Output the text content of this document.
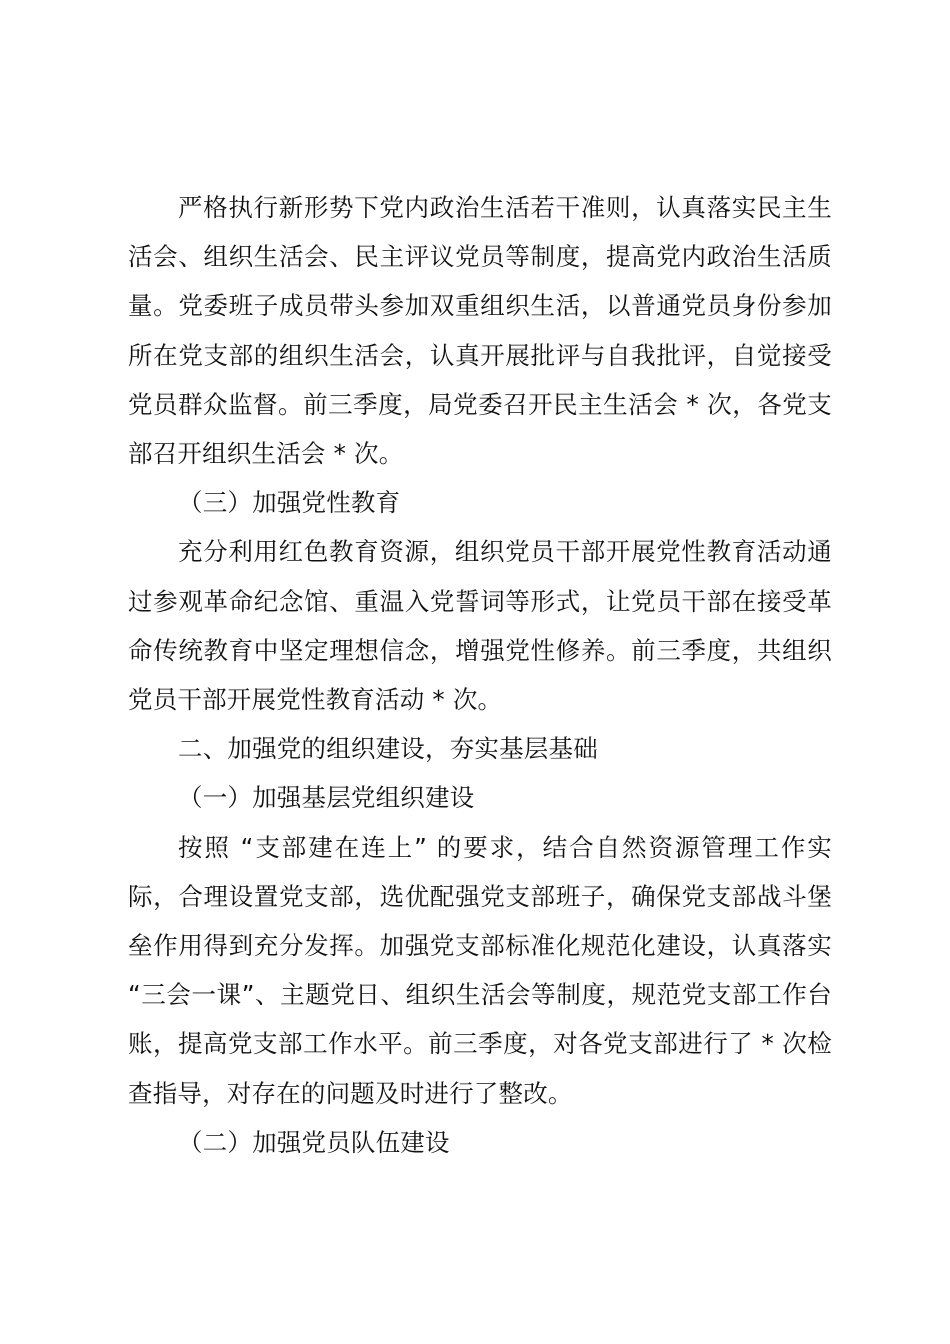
严格执行新形势下党内政治生活若干准则，认真落实民主生活会、组织生活会、民主评议党员等制度，提高党内政治生活质量。党委班子成员带头参加双重组织生活，以普通党员身份参加所在党支部的组织生活会，认真开展批评与自我批评，自觉接受党员群众监督。前三季度，局党委召开民主生活会 * 次，各党支部召开组织生活会 * 次。

（三）加强党性教育

充分利用红色教育资源，组织党员干部开展党性教育活动通过参观革命纪念馆、重温入党誓词等形式，让党员干部在接受革命传统教育中坚定理想信念，增强党性修养。前三季度，共组织党员干部开展党性教育活动 * 次。

二、加强党的组织建设，夯实基层基础

（一）加强基层党组织建设

按照 “支部建在连上” 的要求，结合自然资源管理工作实际，合理设置党支部，选优配强党支部班子，确保党支部战斗堡垒作用得到充分发挥。加强党支部标准化规范化建设，认真落实 “三会一课”、主题党日、组织生活会等制度，规范党支部工作台账，提高党支部工作水平。前三季度，对各党支部进行了 * 次检查指导，对存在的问题及时进行了整改。

（二）加强党员队伍建设
